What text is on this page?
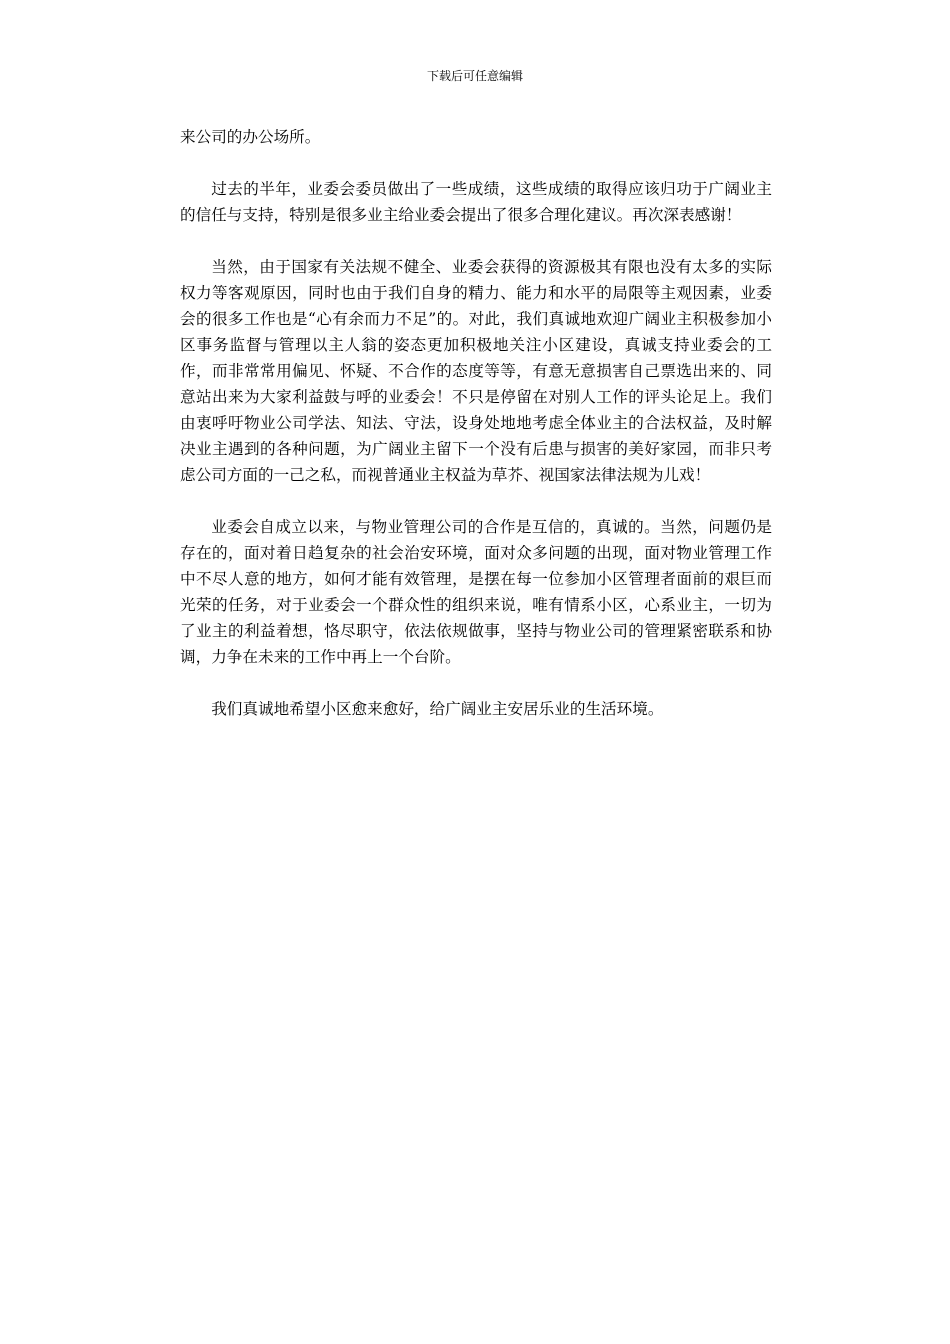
下载后可任意编辑

来公司的办公场所。

过去的半年，业委会委员做出了一些成绩，这些成绩的取得应该归功于广阔业主的信任与支持，特别是很多业主给业委会提出了很多合理化建议。再次深表感谢！

当然，由于国家有关法规不健全、业委会获得的资源极其有限也没有太多的实际权力等客观原因，同时也由于我们自身的精力、能力和水平的局限等主观因素，业委会的很多工作也是“心有余而力不足”的。对此，我们真诚地欢迎广阔业主积极参加小区事务监督与管理以主人翁的姿态更加积极地关注小区建设，真诚支持业委会的工作，而非常常用偏见、怀疑、不合作的态度等等，有意无意损害自己票选出来的、同意站出来为大家利益鼓与呼的业委会！不只是停留在对别人工作的评头论足上。我们由衷呼吁物业公司学法、知法、守法，设身处地地考虑全体业主的合法权益，及时解决业主遇到的各种问题，为广阔业主留下一个没有后患与损害的美好家园，而非只考虑公司方面的一己之私，而视普通业主权益为草芥、视国家法律法规为儿戏！

业委会自成立以来，与物业管理公司的合作是互信的，真诚的。当然，问题仍是存在的，面对着日趋复杂的社会治安环境，面对众多问题的出现，面对物业管理工作中不尽人意的地方，如何才能有效管理，是摆在每一位参加小区管理者面前的艰巨而光荣的任务，对于业委会一个群众性的组织来说，唯有情系小区，心系业主，一切为了业主的利益着想，恪尽职守，依法依规做事，坚持与物业公司的管理紧密联系和协调，力争在未来的工作中再上一个台阶。

我们真诚地希望小区愈来愈好，给广阔业主安居乐业的生活环境。
